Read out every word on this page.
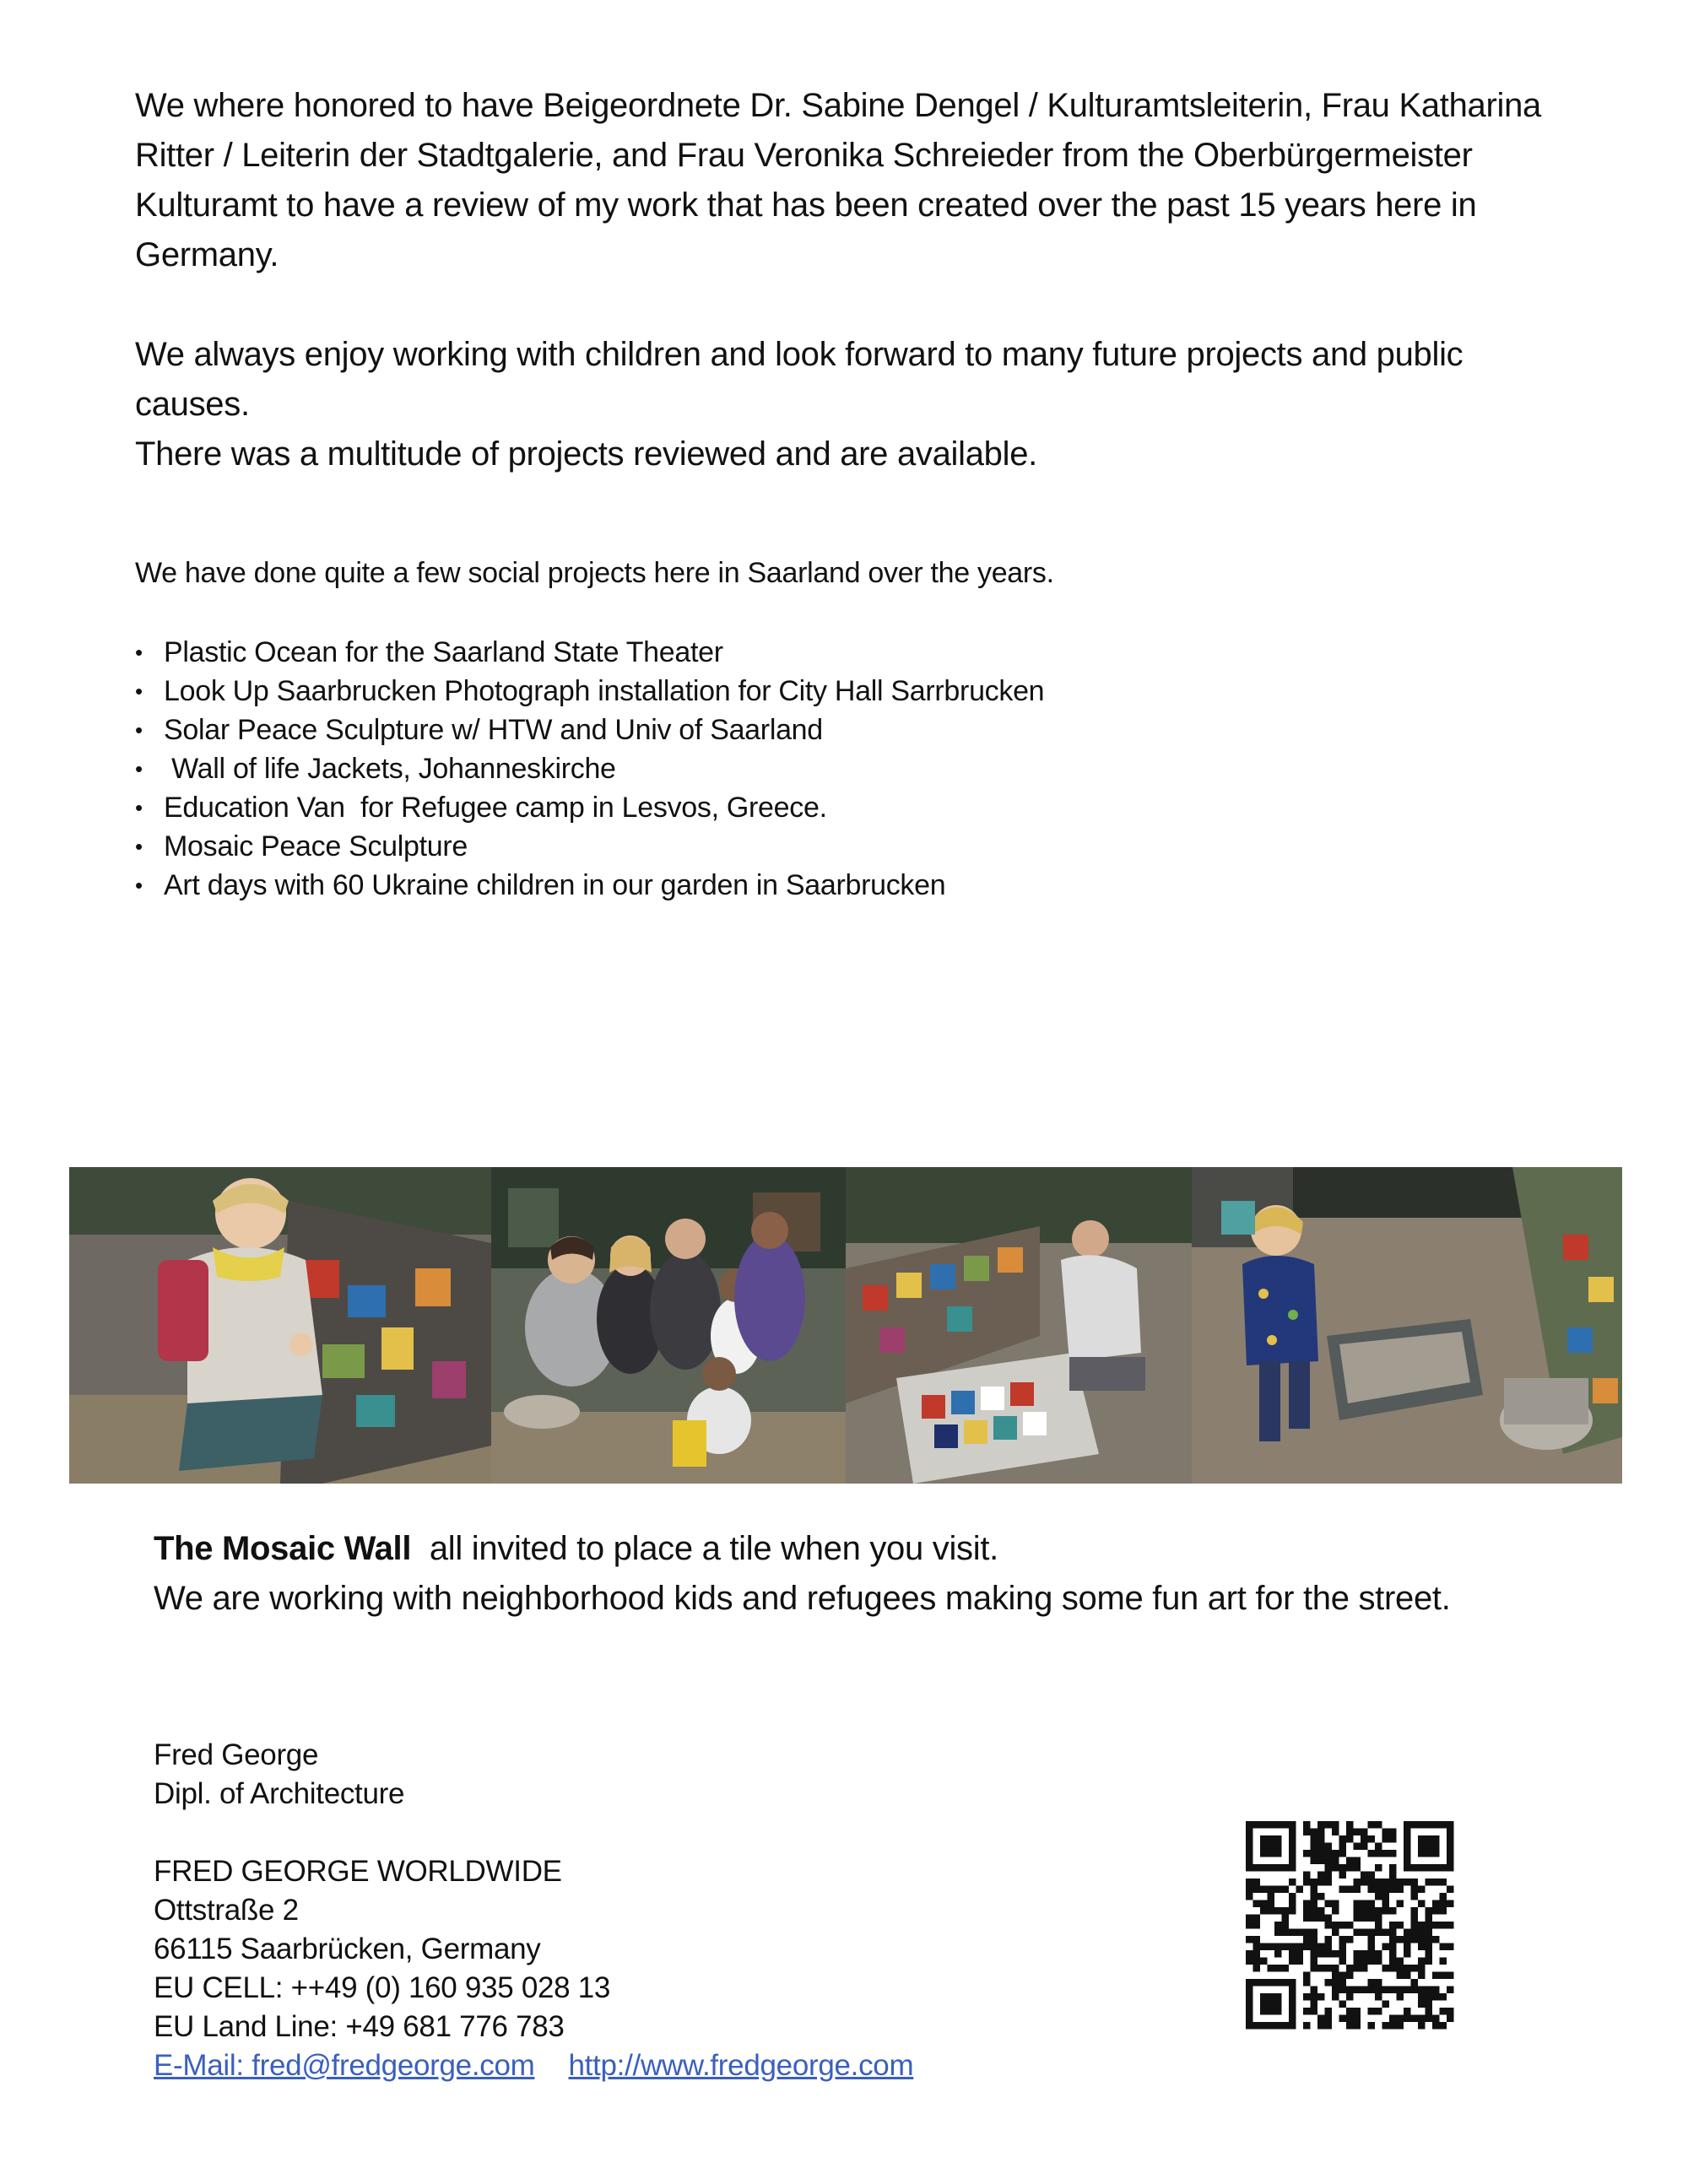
We where honored to have Beigeordnete Dr. Sabine Dengel / Kulturamtsleiterin, Frau Katharina Ritter / Leiterin der Stadtgalerie, and Frau Veronika Schreieder from the Oberbürgermeister Kulturamt to have a review of my work that has been created over the past 15 years here in Germany.

We always enjoy working with children and look forward to many future projects and public causes.

There was a multitude of projects reviewed and are available.

We have done quite a few social projects here in Saarland over the years.
• Plastic Ocean for the Saarland State Theater
• Look Up Saarbrucken Photograph installation for City Hall Sarrbrucken
• Solar Peace Sculpture w/ HTW and Univ of Saarland
•  Wall of life Jackets, Johanneskirche
• Education Van  for Refugee camp in Lesvos, Greece.
• Mosaic Peace Sculpture
• Art days with 60 Ukraine children in our garden in Saarbrucken

The Mosaic Wall  all invited to place a tile when you visit.

We are working with neighborhood kids and refugees making some fun art for the street.

Fred George

Dipl. of Architecture

FRED GEORGE WORLDWIDE

Ottstraße 2

66115 Saarbrücken, Germany

EU CELL: ++49 (0) 160 935 028 13

EU Land Line: +49 681 776 783

E-Mail: fred@fredgeorge.com http://www.fredgeorge.com
